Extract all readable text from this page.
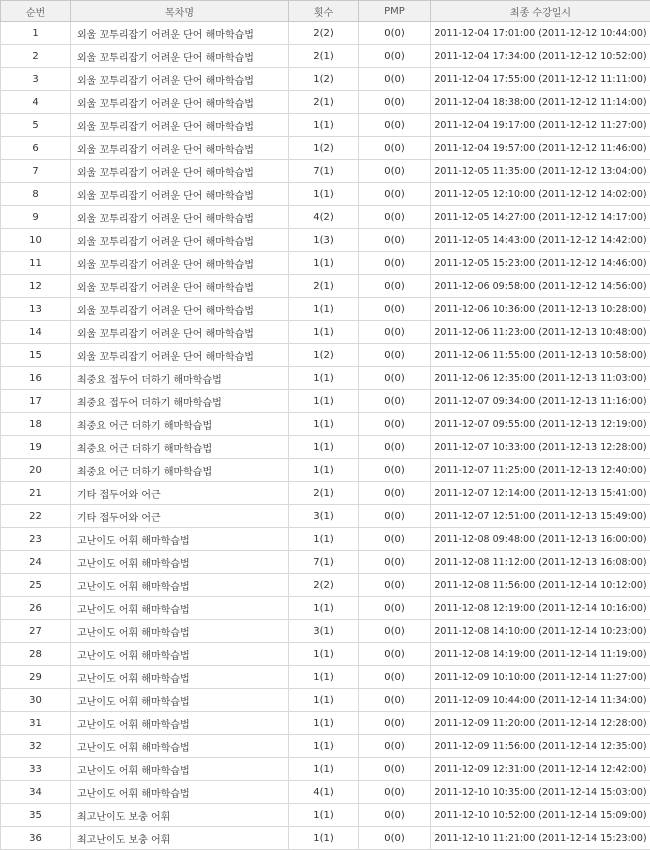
순번	목차명	횟수	PMP	최종 수강일시
1	외울 꼬투리잡기 어려운 단어 해마학습법	2(2)	0(0)	2011-12-04 17:01:00 (2011-12-12 10:44:00)
2	외울 꼬투리잡기 어려운 단어 해마학습법	2(1)	0(0)	2011-12-04 17:34:00 (2011-12-12 10:52:00)
3	외울 꼬투리잡기 어려운 단어 해마학습법	1(2)	0(0)	2011-12-04 17:55:00 (2011-12-12 11:11:00)
4	외울 꼬투리잡기 어려운 단어 해마학습법	2(1)	0(0)	2011-12-04 18:38:00 (2011-12-12 11:14:00)
5	외울 꼬투리잡기 어려운 단어 해마학습법	1(1)	0(0)	2011-12-04 19:17:00 (2011-12-12 11:27:00)
6	외울 꼬투리잡기 어려운 단어 해마학습법	1(2)	0(0)	2011-12-04 19:57:00 (2011-12-12 11:46:00)
7	외울 꼬투리잡기 어려운 단어 해마학습법	7(1)	0(0)	2011-12-05 11:35:00 (2011-12-12 13:04:00)
8	외울 꼬투리잡기 어려운 단어 해마학습법	1(1)	0(0)	2011-12-05 12:10:00 (2011-12-12 14:02:00)
9	외울 꼬투리잡기 어려운 단어 해마학습법	4(2)	0(0)	2011-12-05 14:27:00 (2011-12-12 14:17:00)
10	외울 꼬투리잡기 어려운 단어 해마학습법	1(3)	0(0)	2011-12-05 14:43:00 (2011-12-12 14:42:00)
11	외울 꼬투리잡기 어려운 단어 해마학습법	1(1)	0(0)	2011-12-05 15:23:00 (2011-12-12 14:46:00)
12	외울 꼬투리잡기 어려운 단어 해마학습법	2(1)	0(0)	2011-12-06 09:58:00 (2011-12-12 14:56:00)
13	외울 꼬투리잡기 어려운 단어 해마학습법	1(1)	0(0)	2011-12-06 10:36:00 (2011-12-13 10:28:00)
14	외울 꼬투리잡기 어려운 단어 해마학습법	1(1)	0(0)	2011-12-06 11:23:00 (2011-12-13 10:48:00)
15	외울 꼬투리잡기 어려운 단어 해마학습법	1(2)	0(0)	2011-12-06 11:55:00 (2011-12-13 10:58:00)
16	최중요 접두어 더하기 해마학습법	1(1)	0(0)	2011-12-06 12:35:00 (2011-12-13 11:03:00)
17	최중요 접두어 더하기 해마학습법	1(1)	0(0)	2011-12-07 09:34:00 (2011-12-13 11:16:00)
18	최중요 어근 더하기 해마학습법	1(1)	0(0)	2011-12-07 09:55:00 (2011-12-13 12:19:00)
19	최중요 어근 더하기 해마학습법	1(1)	0(0)	2011-12-07 10:33:00 (2011-12-13 12:28:00)
20	최중요 어근 더하기 해마학습법	1(1)	0(0)	2011-12-07 11:25:00 (2011-12-13 12:40:00)
21	기타 접두어와 어근	2(1)	0(0)	2011-12-07 12:14:00 (2011-12-13 15:41:00)
22	기타 접두어와 어근	3(1)	0(0)	2011-12-07 12:51:00 (2011-12-13 15:49:00)
23	고난이도 어휘 해마학습법	1(1)	0(0)	2011-12-08 09:48:00 (2011-12-13 16:00:00)
24	고난이도 어휘 해마학습법	7(1)	0(0)	2011-12-08 11:12:00 (2011-12-13 16:08:00)
25	고난이도 어휘 해마학습법	2(2)	0(0)	2011-12-08 11:56:00 (2011-12-14 10:12:00)
26	고난이도 어휘 해마학습법	1(1)	0(0)	2011-12-08 12:19:00 (2011-12-14 10:16:00)
27	고난이도 어휘 해마학습법	3(1)	0(0)	2011-12-08 14:10:00 (2011-12-14 10:23:00)
28	고난이도 어휘 해마학습법	1(1)	0(0)	2011-12-08 14:19:00 (2011-12-14 11:19:00)
29	고난이도 어휘 해마학습법	1(1)	0(0)	2011-12-09 10:10:00 (2011-12-14 11:27:00)
30	고난이도 어휘 해마학습법	1(1)	0(0)	2011-12-09 10:44:00 (2011-12-14 11:34:00)
31	고난이도 어휘 해마학습법	1(1)	0(0)	2011-12-09 11:20:00 (2011-12-14 12:28:00)
32	고난이도 어휘 해마학습법	1(1)	0(0)	2011-12-09 11:56:00 (2011-12-14 12:35:00)
33	고난이도 어휘 해마학습법	1(1)	0(0)	2011-12-09 12:31:00 (2011-12-14 12:42:00)
34	고난이도 어휘 해마학습법	4(1)	0(0)	2011-12-10 10:35:00 (2011-12-14 15:03:00)
35	최고난이도 보충 어휘	1(1)	0(0)	2011-12-10 10:52:00 (2011-12-14 15:09:00)
36	최고난이도 보충 어휘	1(1)	0(0)	2011-12-10 11:21:00 (2011-12-14 15:23:00)
